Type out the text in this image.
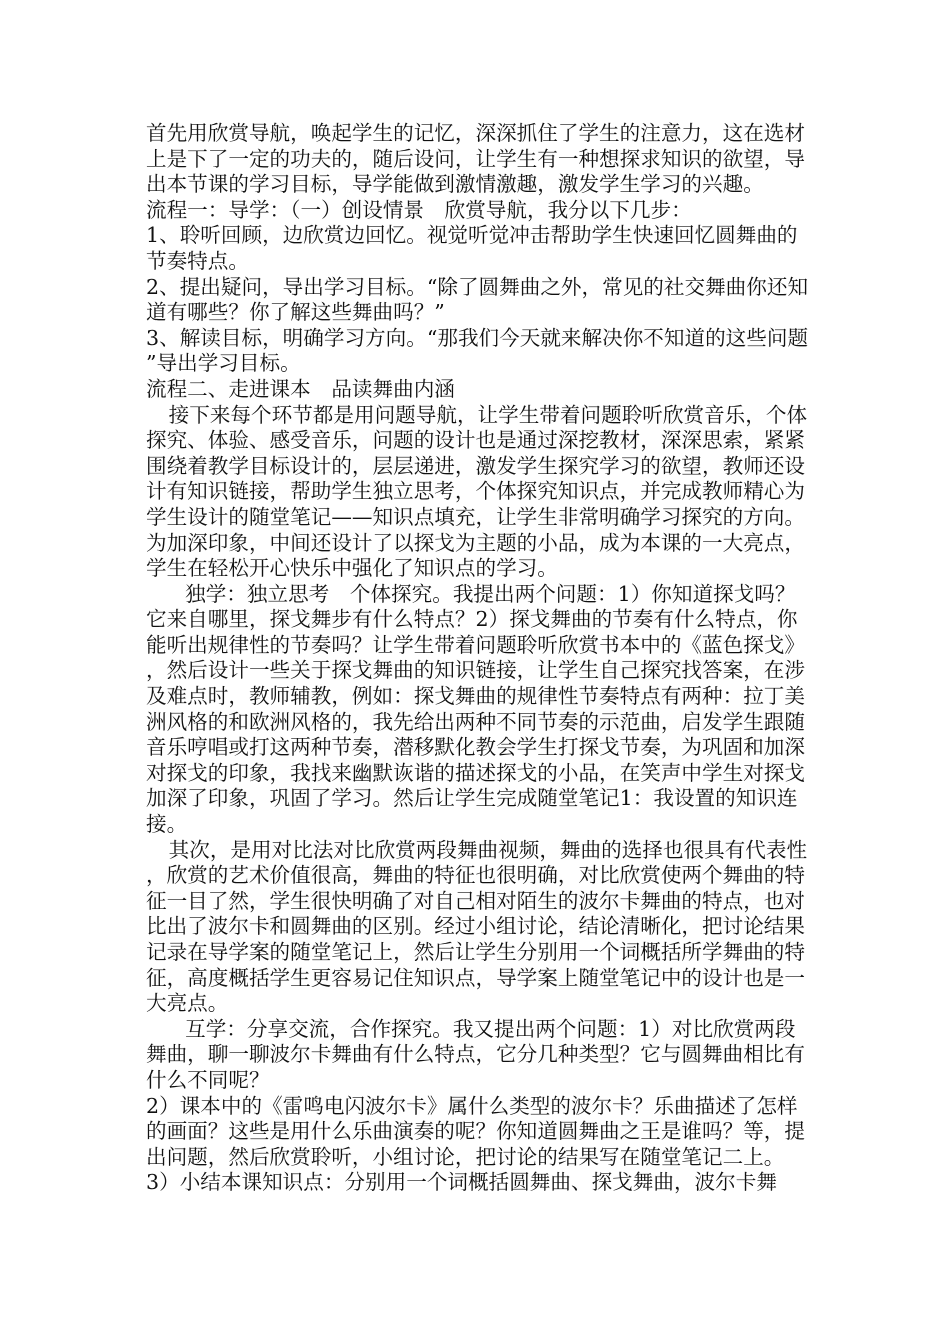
首先用欣赏导航，唤起学生的记忆，深深抓住了学生的注意力，这在选材上是下了一定的功夫的，随后设问，让学生有一种想探求知识的欲望，导出本节课的学习目标，导学能做到激情激趣，激发学生学习的兴趣。

流程一：导学：（一）创设情景　欣赏导航，我分以下几步：

1、聆听回顾，边欣赏边回忆。视觉听觉冲击帮助学生快速回忆圆舞曲的节奏特点。

2、提出疑问，导出学习目标。“除了圆舞曲之外，常见的社交舞曲你还知道有哪些？你了解这些舞曲吗？”

3、解读目标，明确学习方向。“那我们今天就来解决你不知道的这些问题”导出学习目标。

流程二、走进课本　品读舞曲内涵

接下来每个环节都是用问题导航，让学生带着问题聆听欣赏音乐，个体探究、体验、感受音乐，问题的设计也是通过深挖教材，深深思索，紧紧围绕着教学目标设计的，层层递进，激发学生探究学习的欲望，教师还设计有知识链接，帮助学生独立思考，个体探究知识点，并完成教师精心为学生设计的随堂笔记——知识点填充，让学生非常明确学习探究的方向。为加深印象，中间还设计了以探戈为主题的小品，成为本课的一大亮点，学生在轻松开心快乐中强化了知识点的学习。

独学：独立思考　个体探究。我提出两个问题：1）你知道探戈吗？它来自哪里，探戈舞步有什么特点？2）探戈舞曲的节奏有什么特点，你能听出规律性的节奏吗？让学生带着问题聆听欣赏书本中的《蓝色探戈》，然后设计一些关于探戈舞曲的知识链接，让学生自己探究找答案，在涉及难点时，教师辅教，例如：探戈舞曲的规律性节奏特点有两种：拉丁美洲风格的和欧洲风格的，我先给出两种不同节奏的示范曲，启发学生跟随音乐哼唱或打这两种节奏，潜移默化教会学生打探戈节奏，为巩固和加深对探戈的印象，我找来幽默诙谐的描述探戈的小品，在笑声中学生对探戈加深了印象，巩固了学习。然后让学生完成随堂笔记1：我设置的知识连接。

其次，是用对比法对比欣赏两段舞曲视频，舞曲的选择也很具有代表性，欣赏的艺术价值很高，舞曲的特征也很明确，对比欣赏使两个舞曲的特征一目了然，学生很快明确了对自己相对陌生的波尔卡舞曲的特点，也对比出了波尔卡和圆舞曲的区别。经过小组讨论，结论清晰化，把讨论结果记录在导学案的随堂笔记上，然后让学生分别用一个词概括所学舞曲的特征，高度概括学生更容易记住知识点，导学案上随堂笔记中的设计也是一大亮点。

互学：分享交流，合作探究。我又提出两个问题：1）对比欣赏两段舞曲，聊一聊波尔卡舞曲有什么特点，它分几种类型？它与圆舞曲相比有什么不同呢？

2）课本中的《雷鸣电闪波尔卡》属什么类型的波尔卡？乐曲描述了怎样的画面？这些是用什么乐曲演奏的呢？你知道圆舞曲之王是谁吗？等，提出问题，然后欣赏聆听，小组讨论，把讨论的结果写在随堂笔记二上。

3）小结本课知识点：分别用一个词概括圆舞曲、探戈舞曲，波尔卡舞
